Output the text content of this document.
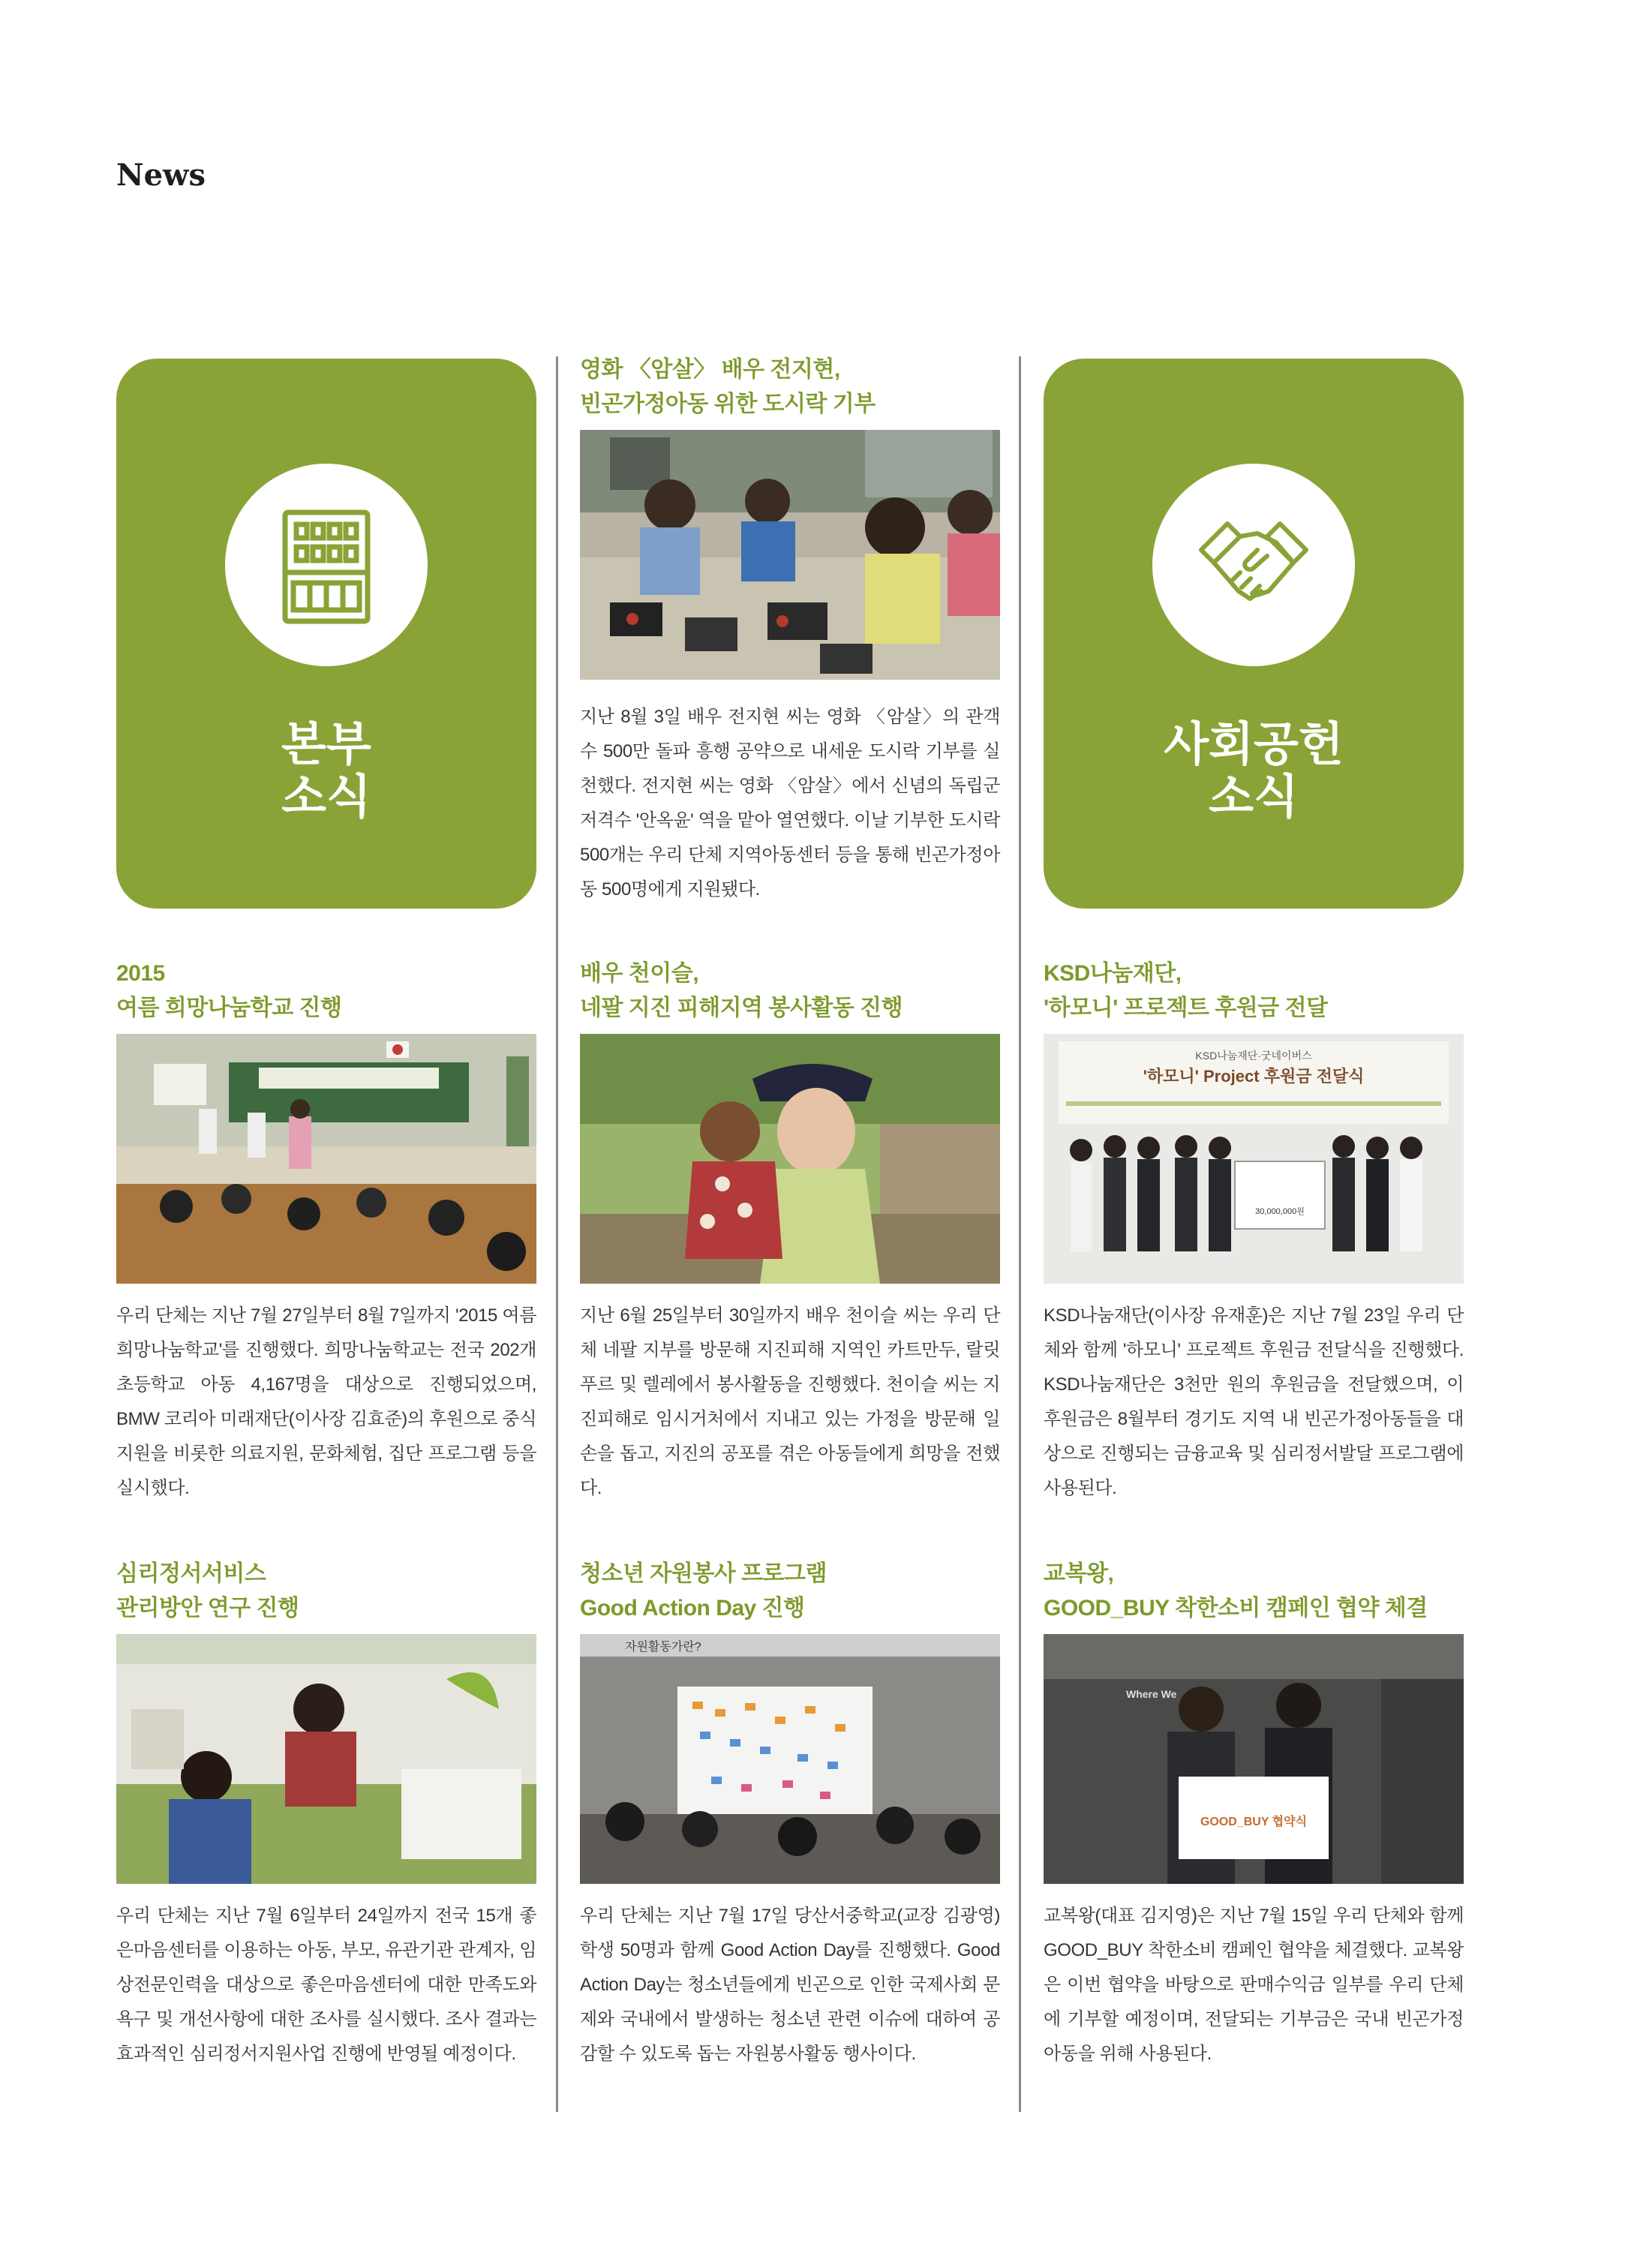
News
본부
소식
사회공헌
소식
영화 〈암살〉 배우 전지현,
빈곤가정아동 위한 도시락 기부
지난 8월 3일 배우 전지현 씨는 영화 〈암살〉의 관객 수 500만 돌파 흥행 공약으로 내세운 도시락 기부를 실천했다. 전지현 씨는 영화 〈암살〉에서 신념의 독립군 저격수 '안옥윤' 역을 맡아 열연했다. 이날 기부한 도시락 500개는 우리 단체 지역아동센터 등을 통해 빈곤가정아동 500명에게 지원됐다.
2015
여름 희망나눔학교 진행
우리 단체는 지난 7월 27일부터 8월 7일까지 '2015 여름 희망나눔학교'를 진행했다. 희망나눔학교는 전국 202개 초등학교 아동 4,167명을 대상으로 진행되었으며, BMW 코리아 미래재단(이사장 김효준)의 후원으로 중식지원을 비롯한 의료지원, 문화체험, 집단 프로그램 등을 실시했다.
배우 천이슬,
네팔 지진 피해지역 봉사활동 진행
지난 6월 25일부터 30일까지 배우 천이슬 씨는 우리 단체 네팔 지부를 방문해 지진피해 지역인 카트만두, 랄릿푸르 및 렐레에서 봉사활동을 진행했다. 천이슬 씨는 지진피해로 임시거처에서 지내고 있는 가정을 방문해 일손을 돕고, 지진의 공포를 겪은 아동들에게 희망을 전했다.
KSD나눔재단,
'하모니' 프로젝트 후원금 전달
KSD나눔재단·굿네이버스
'하모니' Project 후원금 전달식
30,000,000원
KSD나눔재단(이사장 유재훈)은 지난 7월 23일 우리 단체와 함께 '하모니' 프로젝트 후원금 전달식을 진행했다. KSD나눔재단은 3천만 원의 후원금을 전달했으며, 이 후원금은 8월부터 경기도 지역 내 빈곤가정아동들을 대상으로 진행되는 금융교육 및 심리정서발달 프로그램에 사용된다.
심리정서서비스
관리방안 연구 진행
우리 단체는 지난 7월 6일부터 24일까지 전국 15개 좋은마음센터를 이용하는 아동, 부모, 유관기관 관계자, 임상전문인력을 대상으로 좋은마음센터에 대한 만족도와 욕구 및 개선사항에 대한 조사를 실시했다. 조사 결과는 효과적인 심리정서지원사업 진행에 반영될 예정이다.
청소년 자원봉사 프로그램
Good Action Day 진행
자원활동가란?
우리 단체는 지난 7월 17일 당산서중학교(교장 김광영) 학생 50명과 함께 Good Action Day를 진행했다. Good Action Day는 청소년들에게 빈곤으로 인한 국제사회 문제와 국내에서 발생하는 청소년 관련 이슈에 대하여 공감할 수 있도록 돕는 자원봉사활동 행사이다.
교복왕,
GOOD_BUY 착한소비 캠페인 협약 체결
Where We
GOOD_BUY 협약식
교복왕(대표 김지영)은 지난 7월 15일 우리 단체와 함께 GOOD_BUY 착한소비 캠페인 협약을 체결했다. 교복왕은 이번 협약을 바탕으로 판매수익금 일부를 우리 단체에 기부할 예정이며, 전달되는 기부금은 국내 빈곤가정아동을 위해 사용된다.
